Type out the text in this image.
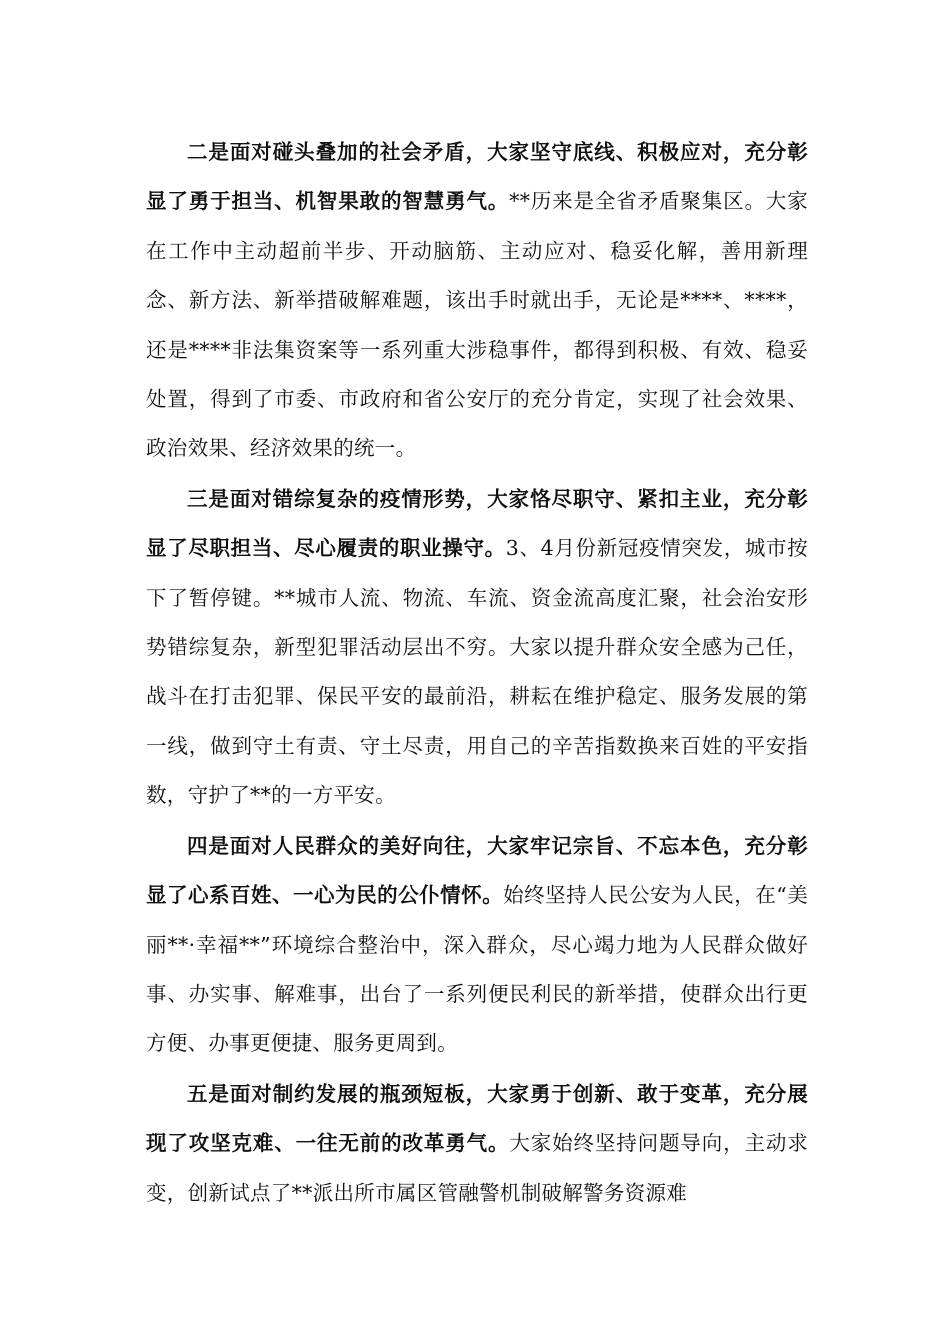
二是面对碰头叠加的社会矛盾，大家坚守底线、积极应对，充分彰显了勇于担当、机智果敢的智慧勇气。**历来是全省矛盾聚集区。大家在工作中主动超前半步、开动脑筋、主动应对、稳妥化解，善用新理念、新方法、新举措破解难题，该出手时就出手，无论是****、****，还是****非法集资案等一系列重大涉稳事件，都得到积极、有效、稳妥处置，得到了市委、市政府和省公安厅的充分肯定，实现了社会效果、政治效果、经济效果的统一。

三是面对错综复杂的疫情形势，大家恪尽职守、紧扣主业，充分彰显了尽职担当、尽心履责的职业操守。3、4月份新冠疫情突发，城市按下了暂停键。**城市人流、物流、车流、资金流高度汇聚，社会治安形势错综复杂，新型犯罪活动层出不穷。大家以提升群众安全感为己任，战斗在打击犯罪、保民平安的最前沿，耕耘在维护稳定、服务发展的第一线，做到守土有责、守土尽责，用自己的辛苦指数换来百姓的平安指数，守护了**的一方平安。

四是面对人民群众的美好向往，大家牢记宗旨、不忘本色，充分彰显了心系百姓、一心为民的公仆情怀。始终坚持人民公安为人民，在“美丽**·幸福**”环境综合整治中，深入群众，尽心竭力地为人民群众做好事、办实事、解难事，出台了一系列便民利民的新举措，使群众出行更方便、办事更便捷、服务更周到。

五是面对制约发展的瓶颈短板，大家勇于创新、敢于变革，充分展现了攻坚克难、一往无前的改革勇气。大家始终坚持问题导向，主动求变，创新试点了**派出所市属区管融警机制破解警务资源难
